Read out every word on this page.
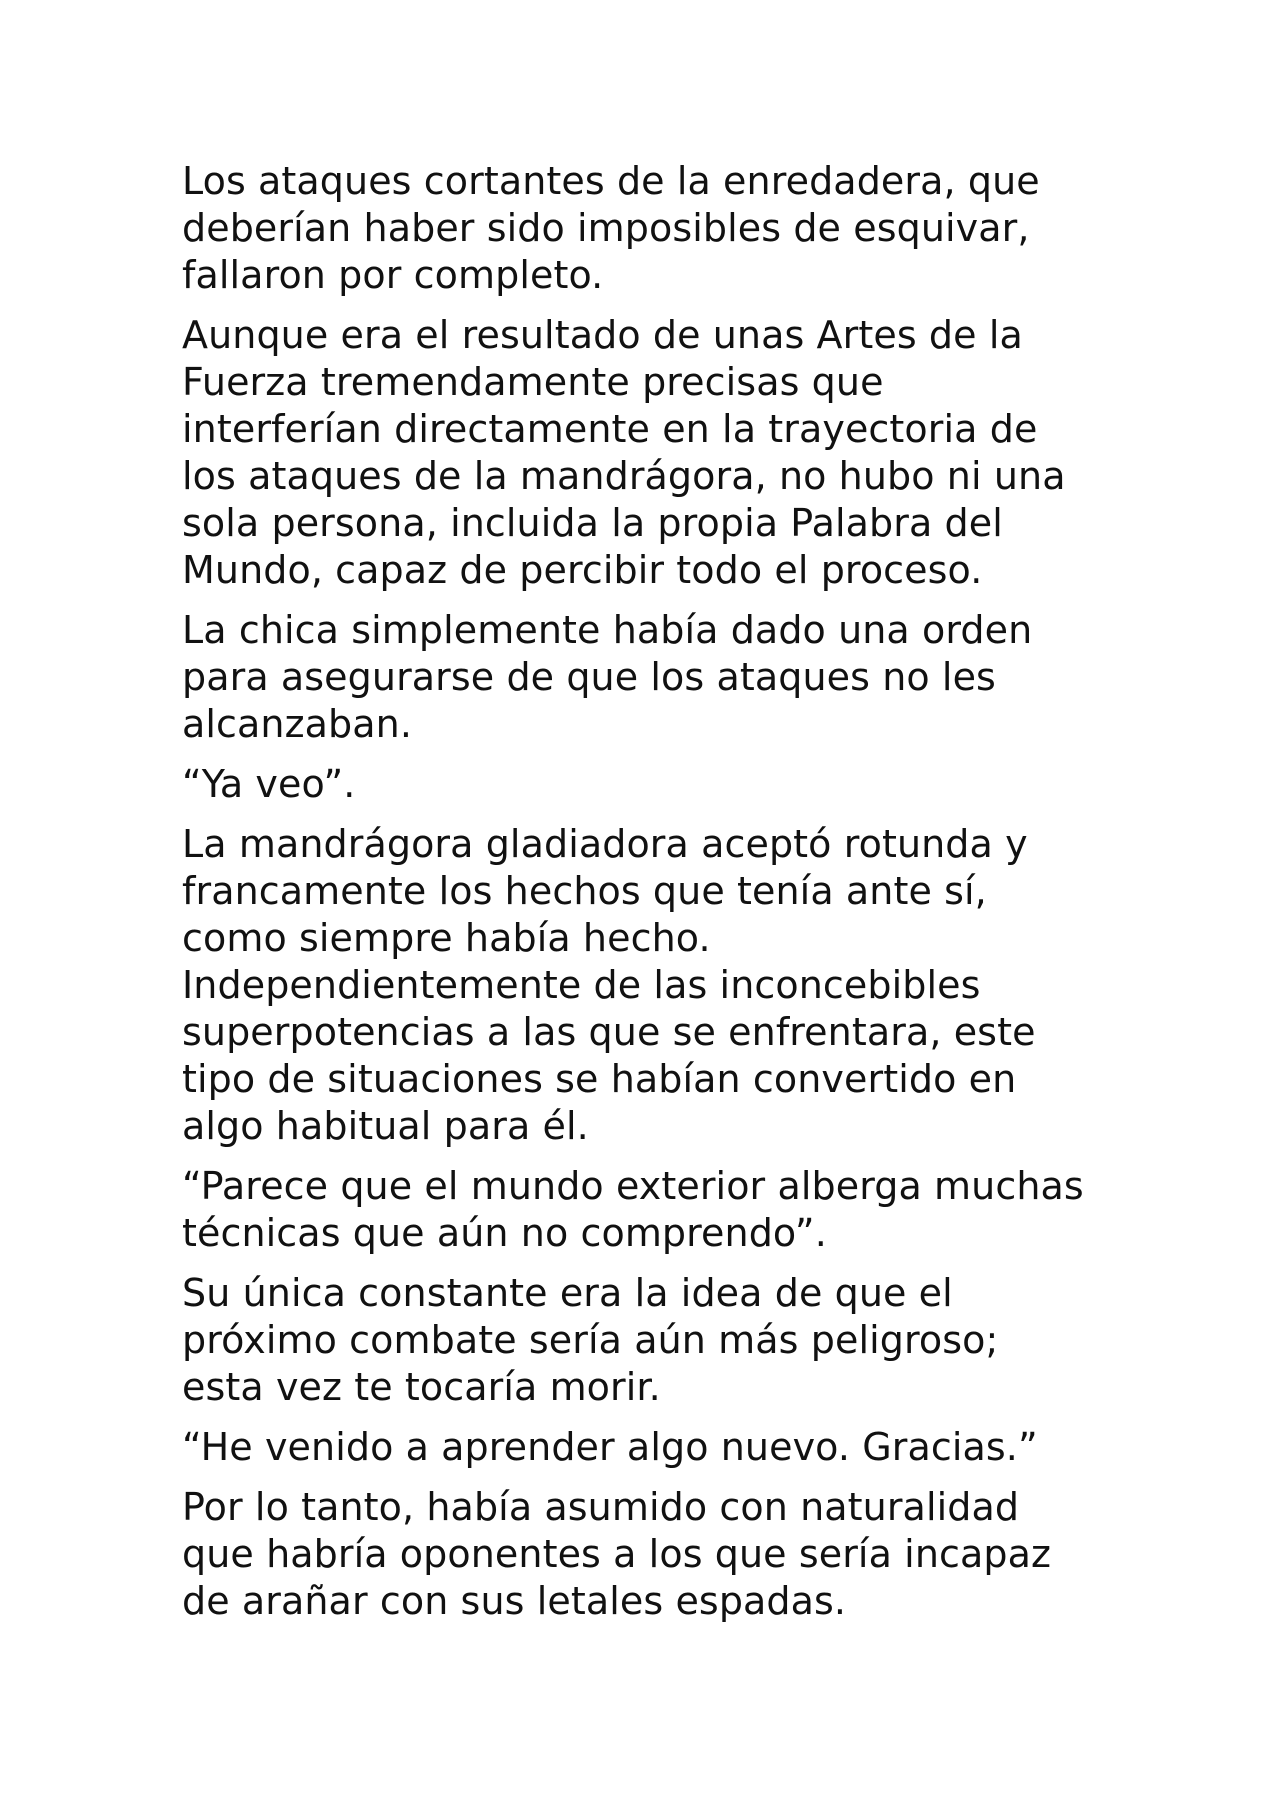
Los ataques cortantes de la enredadera, que
deberían haber sido imposibles de esquivar,
fallaron por completo.

Aunque era el resultado de unas Artes de la
Fuerza tremendamente precisas que
interferían directamente en la trayectoria de
los ataques de la mandrágora, no hubo ni una
sola persona, incluida la propia Palabra del
Mundo, capaz de percibir todo el proceso.

La chica simplemente había dado una orden
para asegurarse de que los ataques no les
alcanzaban.

“Ya veo”.

La mandrágora gladiadora aceptó rotunda y
francamente los hechos que tenía ante sí,
como siempre había hecho.
Independientemente de las inconcebibles
superpotencias a las que se enfrentara, este
tipo de situaciones se habían convertido en
algo habitual para él.

“Parece que el mundo exterior alberga muchas
técnicas que aún no comprendo”.

Su única constante era la idea de que el
próximo combate sería aún más peligroso;
esta vez te tocaría morir.

“He venido a aprender algo nuevo. Gracias.”

Por lo tanto, había asumido con naturalidad
que habría oponentes a los que sería incapaz
de arañar con sus letales espadas.
